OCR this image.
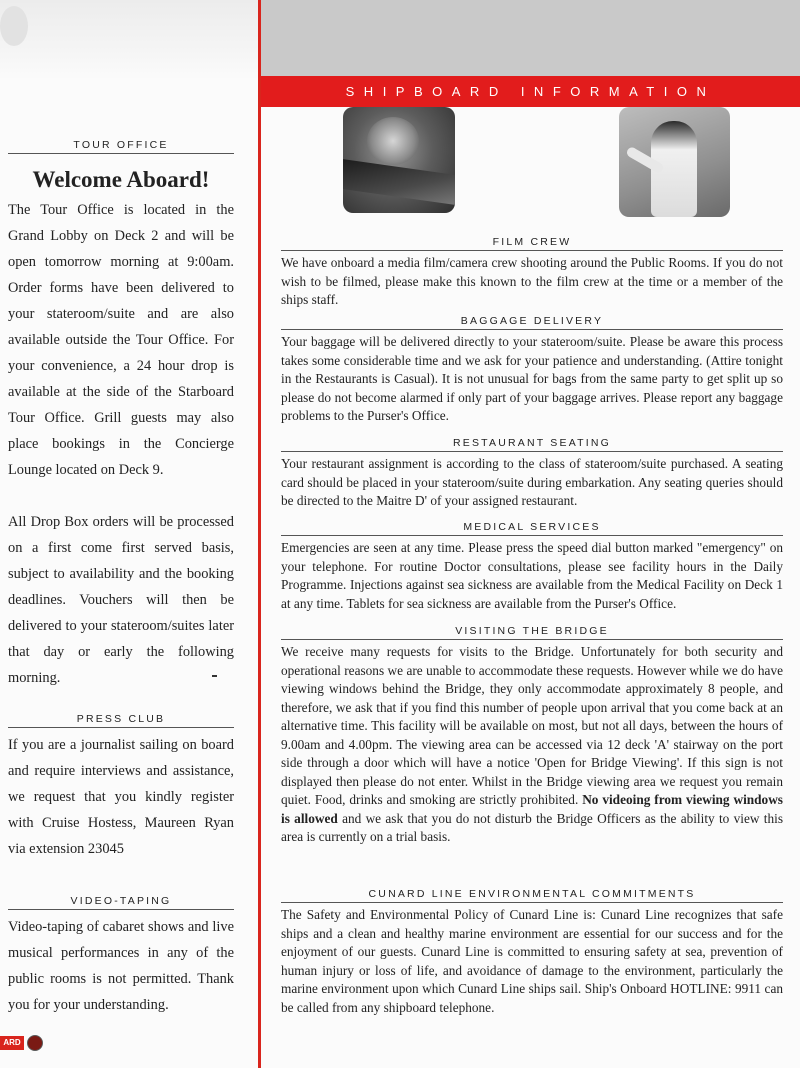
SHIPBOARD INFORMATION
TOUR OFFICE
Welcome Aboard!

The Tour Office is located in the Grand Lobby on Deck 2 and will be open tomorrow morning at 9:00am. Order forms have been delivered to your stateroom/suite and are also available outside the Tour Office. For your convenience, a 24 hour drop is available at the side of the Starboard Tour Office. Grill guests may also place bookings in the Concierge Lounge located on Deck 9.

All Drop Box orders will be processed on a first come first served basis, subject to availability and the booking deadlines. Vouchers will then be delivered to your stateroom/suites later that day or early the following morning.

PRESS CLUB

If you are a journalist sailing on board and require interviews and assistance, we request that you kindly register with Cruise Hostess, Maureen Ryan via extension 23045

VIDEO-TAPING

Video-taping of cabaret shows and live musical performances in any of the public rooms is not permitted. Thank you for your understanding.

ARD
FILM CREW

We have onboard a media film/camera crew shooting around the Public Rooms. If you do not wish to be filmed, please make this known to the film crew at the time or a member of the ships staff.

BAGGAGE DELIVERY

Your baggage will be delivered directly to your stateroom/suite. Please be aware this process takes some considerable time and we ask for your patience and understanding. (Attire tonight in the Restaurants is Casual). It is not unusual for bags from the same party to get split up so please do not become alarmed if only part of your baggage arrives. Please report any baggage problems to the Purser's Office.

RESTAURANT SEATING

Your restaurant assignment is according to the class of stateroom/suite purchased. A seating card should be placed in your stateroom/suite during embarkation. Any seating queries should be directed to the Maitre D' of your assigned restaurant.

MEDICAL SERVICES

Emergencies are seen at any time. Please press the speed dial button marked "emergency" on your telephone. For routine Doctor consultations, please see facility hours in the Daily Programme. Injections against sea sickness are available from the Medical Facility on Deck 1 at any time. Tablets for sea sickness are available from the Purser's Office.

VISITING THE BRIDGE

We receive many requests for visits to the Bridge. Unfortunately for both security and operational reasons we are unable to accommodate these requests. However while we do have viewing windows behind the Bridge, they only accommodate approximately 8 people, and therefore, we ask that if you find this number of people upon arrival that you come back at an alternative time. This facility will be available on most, but not all days, between the hours of 9.00am and 4.00pm. The viewing area can be accessed via 12 deck 'A' stairway on the port side through a door which will have a notice 'Open for Bridge Viewing'. If this sign is not displayed then please do not enter. Whilst in the Bridge viewing area we request you remain quiet. Food, drinks and smoking are strictly prohibited. No videoing from viewing windows is allowed and we ask that you do not disturb the Bridge Officers as the ability to view this area is currently on a trial basis.

CUNARD LINE ENVIRONMENTAL COMMITMENTS

The Safety and Environmental Policy of Cunard Line is: Cunard Line recognizes that safe ships and a clean and healthy marine environment are essential for our success and for the enjoyment of our guests. Cunard Line is committed to ensuring safety at sea, prevention of human injury or loss of life, and avoidance of damage to the environment, particularly the marine environment upon which Cunard Line ships sail. Ship's Onboard HOTLINE: 9911 can be called from any shipboard telephone.
